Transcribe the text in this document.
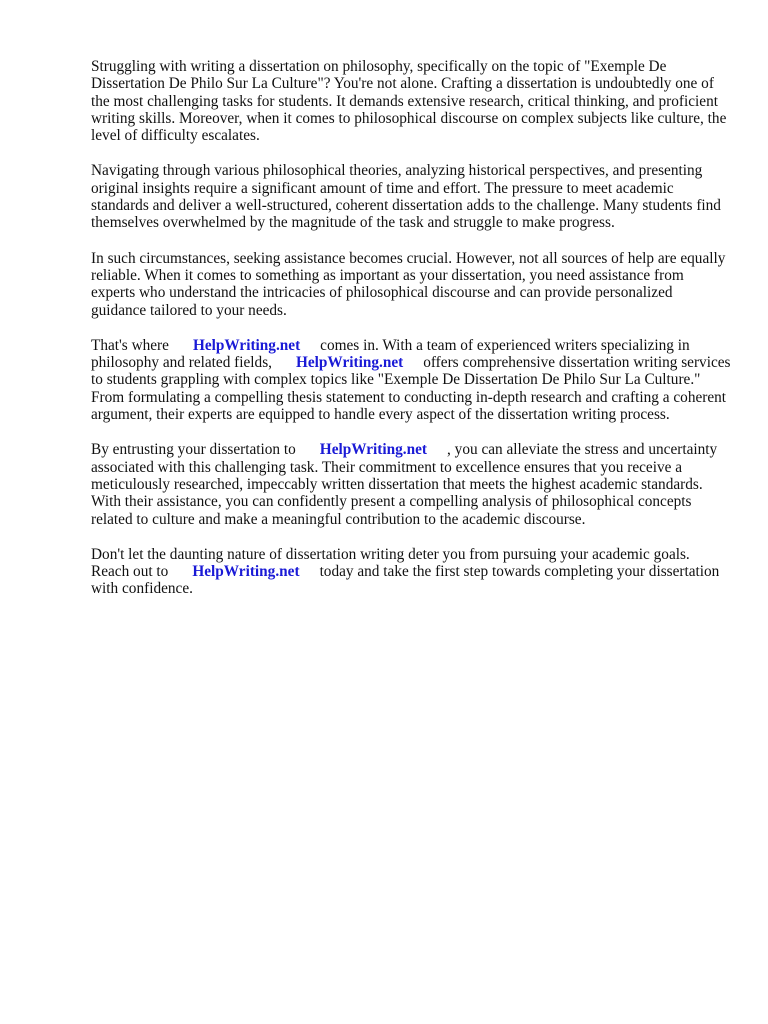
Struggling with writing a dissertation on philosophy, specifically on the topic of "Exemple De Dissertation De Philo Sur La Culture"? You're not alone. Crafting a dissertation is undoubtedly one of the most challenging tasks for students. It demands extensive research, critical thinking, and proficient writing skills. Moreover, when it comes to philosophical discourse on complex subjects like culture, the level of difficulty escalates.

Navigating through various philosophical theories, analyzing historical perspectives, and presenting original insights require a significant amount of time and effort. The pressure to meet academic standards and deliver a well-structured, coherent dissertation adds to the challenge. Many students find themselves overwhelmed by the magnitude of the task and struggle to make progress.

In such circumstances, seeking assistance becomes crucial. However, not all sources of help are equally reliable. When it comes to something as important as your dissertation, you need assistance from experts who understand the intricacies of philosophical discourse and can provide personalized guidance tailored to your needs.

That's where HelpWriting.net comes in. With a team of experienced writers specializing in philosophy and related fields, HelpWriting.net offers comprehensive dissertation writing services to students grappling with complex topics like "Exemple De Dissertation De Philo Sur La Culture." From formulating a compelling thesis statement to conducting in-depth research and crafting a coherent argument, their experts are equipped to handle every aspect of the dissertation writing process.

By entrusting your dissertation to HelpWriting.net , you can alleviate the stress and uncertainty associated with this challenging task. Their commitment to excellence ensures that you receive a meticulously researched, impeccably written dissertation that meets the highest academic standards. With their assistance, you can confidently present a compelling analysis of philosophical concepts related to culture and make a meaningful contribution to the academic discourse.

Don't let the daunting nature of dissertation writing deter you from pursuing your academic goals. Reach out to HelpWriting.net today and take the first step towards completing your dissertation with confidence.
